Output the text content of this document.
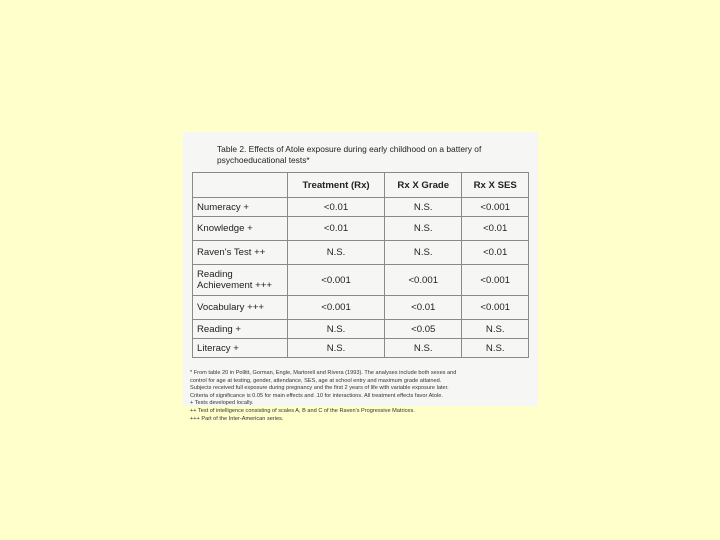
Table 2. Effects of Atole exposure during early childhood on a battery of
psychoeducational tests*
	Treatment (Rx)	Rx X Grade	Rx X SES
Numeracy +	<0.01	N.S.	<0.001
Knowledge +	<0.01	N.S.	<0.01
Raven's Test ++	N.S.	N.S.	<0.01
Reading Achievement +++	<0.001	<0.001	<0.001
Vocabulary +++	<0.001	<0.01	<0.001
Reading +	N.S.	<0.05	N.S.
Literacy +	N.S.	N.S.	N.S.
* From table 20 in Pollitt, Gorman, Engle, Martorell and Rivera (1993). The analyses include both sexes and
control for age at testing, gender, attendance, SES, age at school entry and maximum grade attained.
Subjects received full exposure during pregnancy and the first 2 years of life with variable exposure later.
Criteria of significance is 0.05 for main effects and .10 for interactions. All treatment effects favor Atole.
+ Tests developed locally.
++ Test of intelligence consisting of scales A, B and C of the Raven's Progressive Matrices.
+++ Part of the Inter-American series.
